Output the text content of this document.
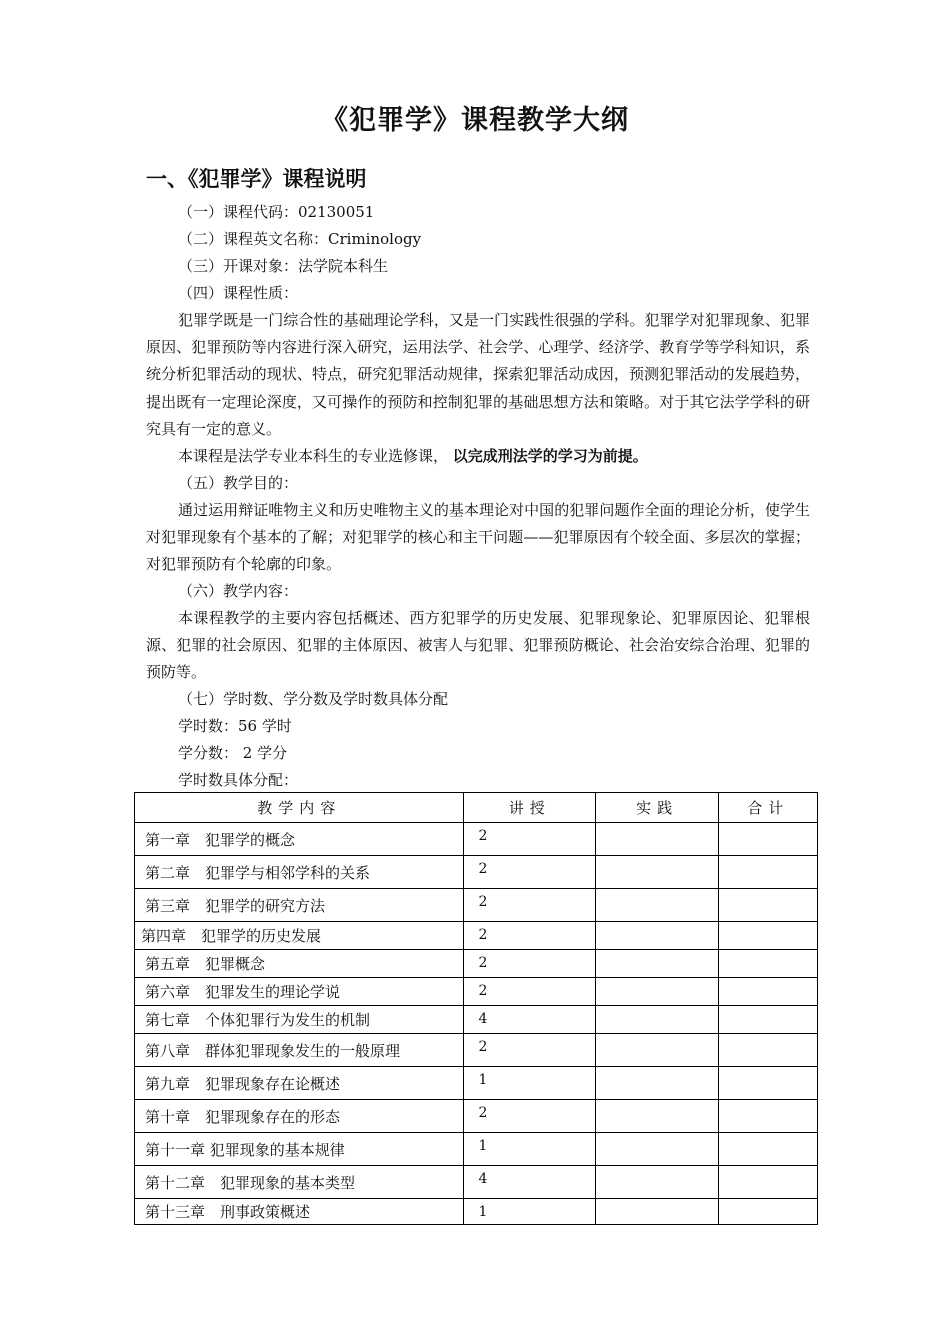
《犯罪学》课程教学大纲
一、《犯罪学》课程说明
（一）课程代码：02130051
（二）课程英文名称：Criminology
（三）开课对象：法学院本科生
（四）课程性质：
犯罪学既是一门综合性的基础理论学科，又是一门实践性很强的学科。犯罪学对犯罪现象、犯罪原因、犯罪预防等内容进行深入研究，运用法学、社会学、心理学、经济学、教育学等学科知识，系统分析犯罪活动的现状、特点，研究犯罪活动规律，探索犯罪活动成因，预测犯罪活动的发展趋势，提出既有一定理论深度，又可操作的预防和控制犯罪的基础思想方法和策略。对于其它法学学科的研究具有一定的意义。
本课程是法学专业本科生的专业选修课， 以完成刑法学的学习为前提。
（五）教学目的：
通过运用辩证唯物主义和历史唯物主义的基本理论对中国的犯罪问题作全面的理论分析，使学生对犯罪现象有个基本的了解；对犯罪学的核心和主干问题——犯罪原因有个较全面、多层次的掌握；对犯罪预防有个轮廓的印象。
（六）教学内容：
本课程教学的主要内容包括概述、西方犯罪学的历史发展、犯罪现象论、犯罪原因论、犯罪根源、犯罪的社会原因、犯罪的主体原因、被害人与犯罪、犯罪预防概论、社会治安综合治理、犯罪的预防等。
（七）学时数、学分数及学时数具体分配
学时数：56 学时
学分数： 2 学分
学时数具体分配：
教学内容	讲授	实践	合计
第一章　犯罪学的概念	2		
第二章　犯罪学与相邻学科的关系	2		
第三章　犯罪学的研究方法	2		
第四章　犯罪学的历史发展	2		
第五章　犯罪概念	2		
第六章　犯罪发生的理论学说	2		
第七章　个体犯罪行为发生的机制	4		
第八章　群体犯罪现象发生的一般原理	2		
第九章　犯罪现象存在论概述	1		
第十章　犯罪现象存在的形态	2		
第十一章 犯罪现象的基本规律	1		
第十二章　犯罪现象的基本类型	4		
第十三章　刑事政策概述	1		
